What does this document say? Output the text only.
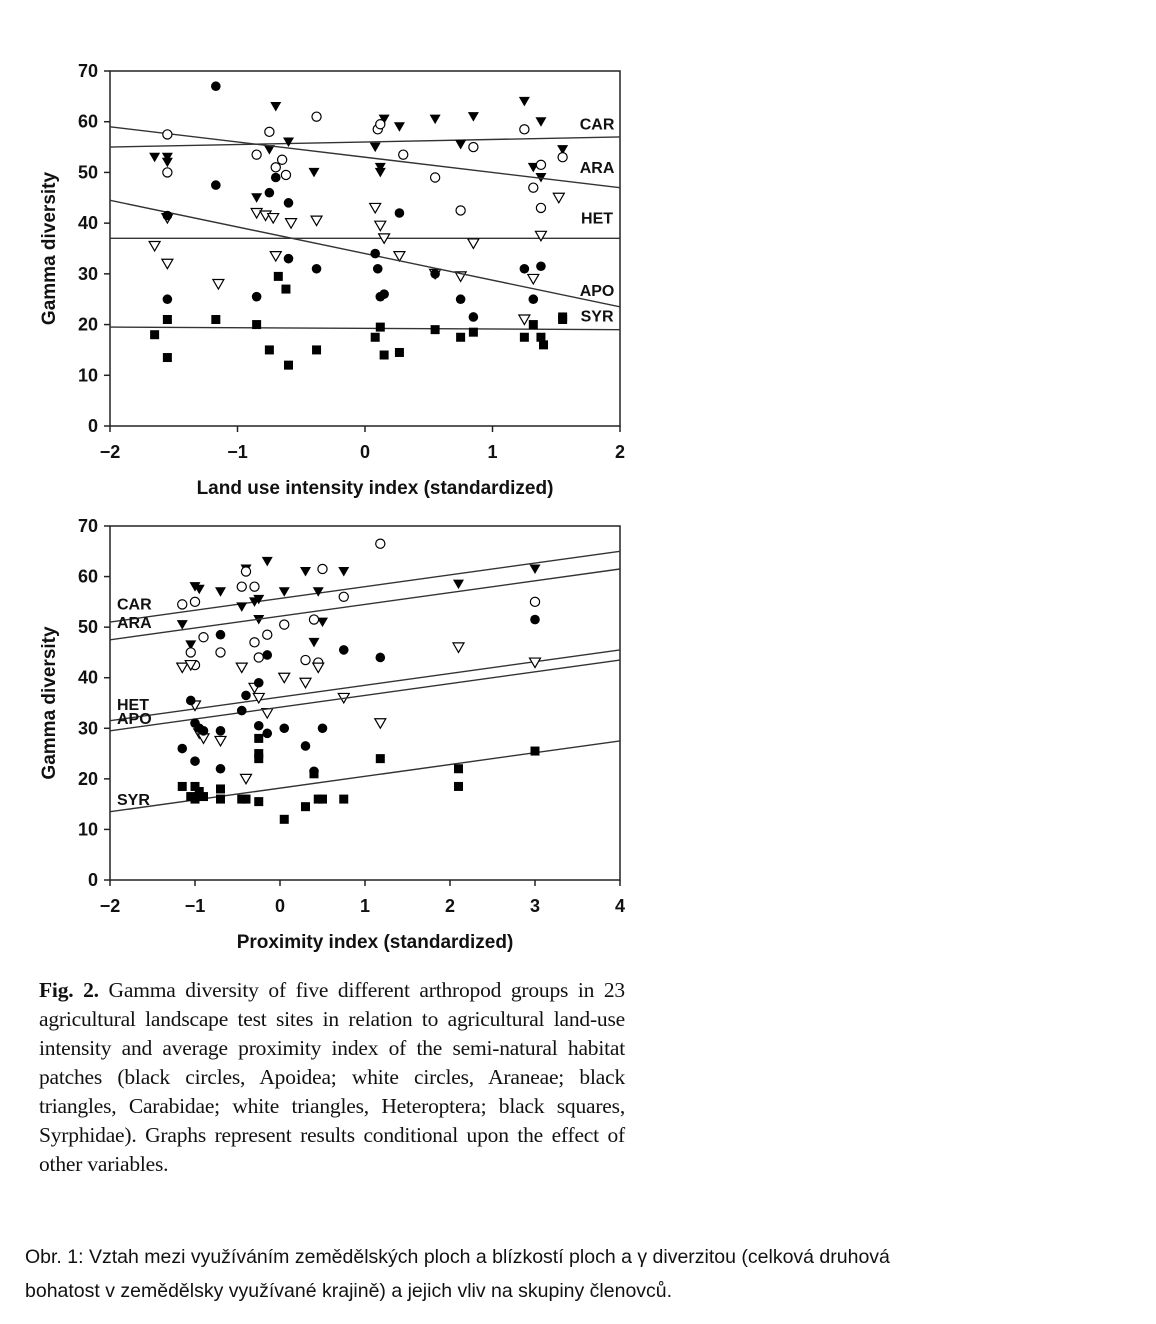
0
10
20
30
40
50
60
70
−2	−1	0	1	2
Land use intensity index (standardized)
Gamma diversity
CAR
ARA
HET
APO
SYR
0
10
20
30
40
50
60
70
−2	−1	0	1	2	3	4
Proximity index (standardized)
Gamma diversity
CAR
ARA
HET
APO
SYR
Fig. 2. Gamma diversity of five different arthropod groups in 23 agricultural landscape test sites in relation to agricultural land-use intensity and average proximity index of the semi-natural habitat patches (black circles, Apoidea; white circles, Araneae; black triangles, Carabidae; white triangles, Heteroptera; black squares, Syrphidae). Graphs represent results conditional upon the effect of other variables.
Obr. 1: Vztah mezi využíváním zemědělských ploch a blízkostí ploch a γ diverzitou (celková druhová
bohatost v zemědělsky využívané krajině) a jejich vliv na skupiny členovců.
